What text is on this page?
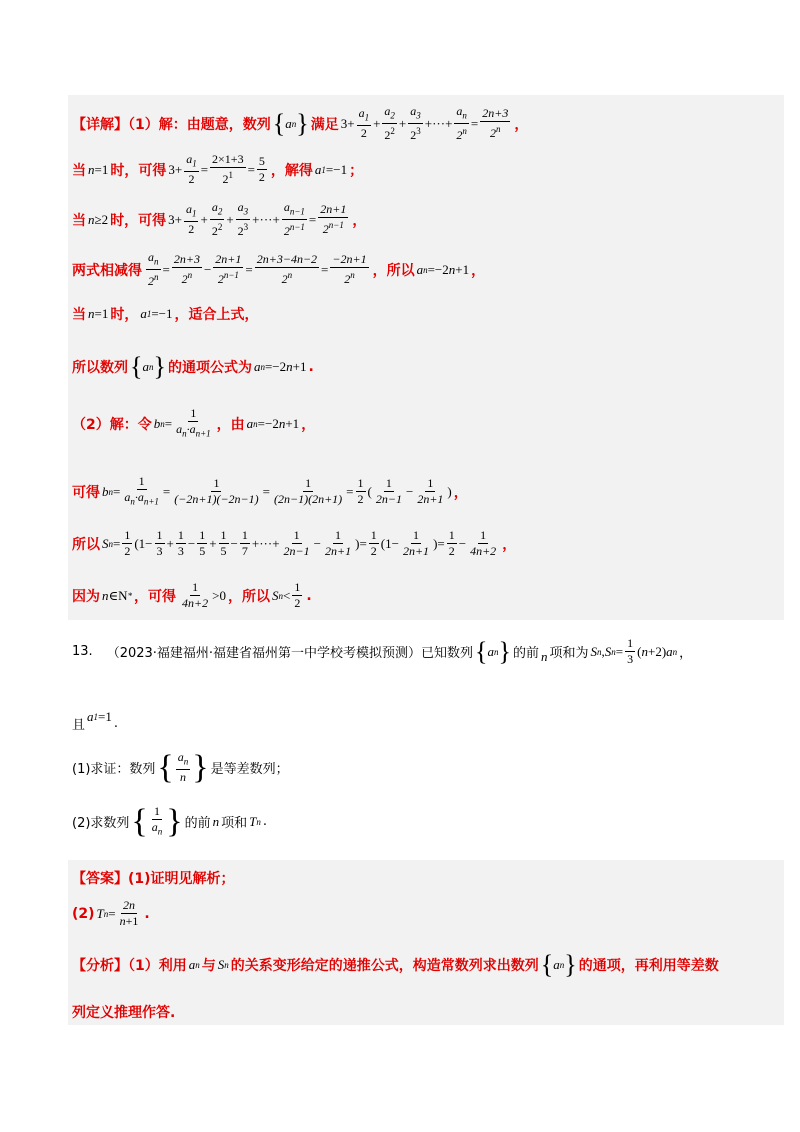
【详解】（1）解：由题意，数列 { a n } 满足 $3+ \frac{a_1}{2} + \frac{a_2}{2^2} + \frac{a_3}{2^3}$ +···+ $\frac{a_n}{2^n} = \frac{2n+3}{2^n}$ ，
当 n =1 时，可得 $3+ \frac{a_1}{2} = \frac{2\times 1+3}{2^1} = \frac{5}{2}$ ，解得 a 1 =−1 ；
当 n ≥2 时，可得 $3+ \frac{a_1}{2} + \frac{a_2}{2^2} + \frac{a_3}{2^3}$ +···+ $\frac{a_{n-1}}{2^{n-1}} = \frac{2n+1}{2^{n-1}}$ ，
两式相减得 $\frac{a_n}{2^n} = \frac{2n+3}{2^n} - \frac{2n+1}{2^{n-1}} = \frac{2n+3-4n-2}{2^n} = \frac{-2n+1}{2^n}$ ，所以 a n =−2 n +1 ，
当 n =1 时， a 1 =−1 ，适合上式，
所以数列 { a n } 的通项公式为 a n =−2 n +1 .
（2）解：令 b $n = \frac{1}{a_n\cdot a_{n+1}}$ ，由 a n =−2 n +1 ，
可得 b $n = \frac{1}{a_n\cdot a_{n+1}} = \frac{1}{(-2n+1)(-2n-1)} = \frac{1}{(2n-1)(2n+1)} = \frac{1}{2}$ ( $\frac{1}{2n-1} - \frac{1}{2n+1}$ ) ，
所以 S $n = \frac{1}{2} (1- \frac{1}{3} + \frac{1}{3} - \frac{1}{5} + \frac{1}{5} - \frac{1}{7}$ +···+ $\frac{1}{2n-1} - \frac{1}{2n+1}$ )= $\frac{1}{2} (1- \frac{1}{2n+1}$ )= $\frac{1}{2} - \frac{1}{4n+2}$ ，
因为 n ∈N * ，可得 $\frac{1}{4n+2} >0$ ，所以 S $n < \frac{1}{2}$ .
13. （2023·福建福州·福建省福州第一中学校考模拟预测）已知数列 { a n } 的前 n 项和为 S n , S $n = \frac{1}{3}$ ( n +2) a n ，
且
a 1 =1 .
(1)求证：数列 { $\frac{a_n}{n}$ } 是等差数列；
(2)求数列 { $\frac{1}{a_n}$ } 的前 n 项和 T n .
【答案】(1)证明见解析；
(2) T $n = \frac{2n}{n+1}$ .
【分析】（1）利用 a n 与 S n 的关系变形给定的递推公式，构造常数列求出数列 { a n } 的通项，再利用等差数
列定义推理作答.
